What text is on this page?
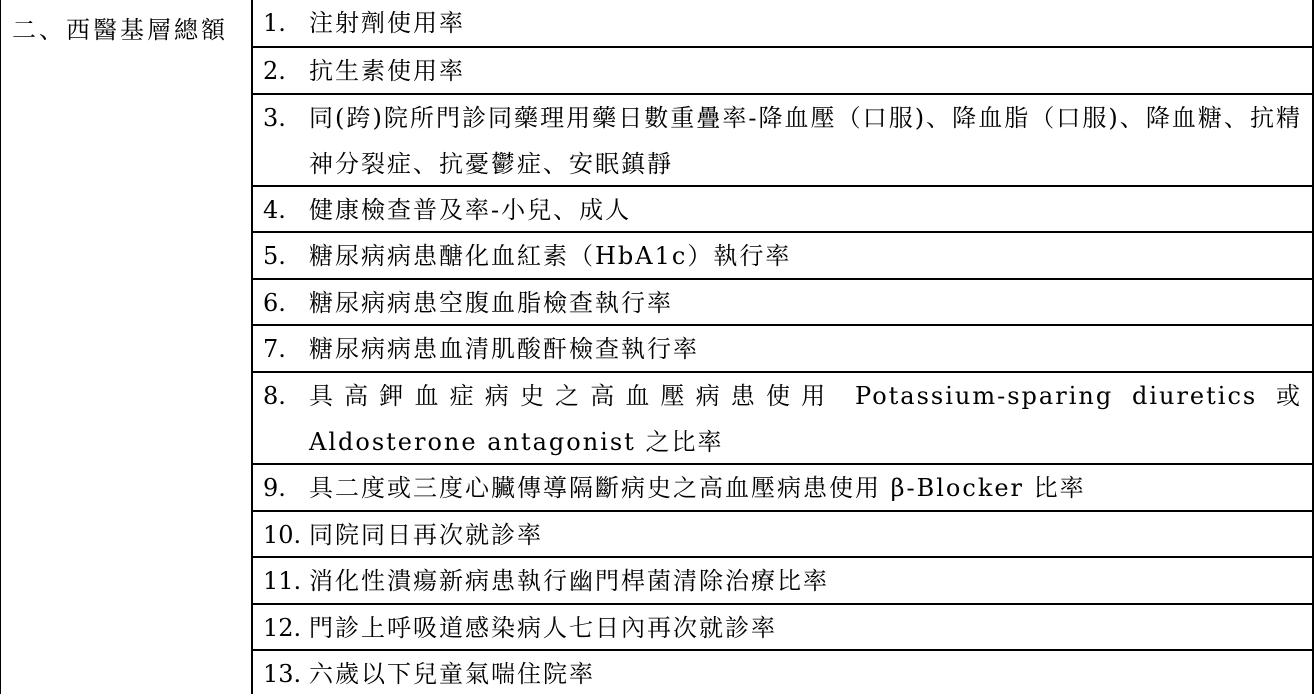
二、西醫基層總額	1. 注射劑使用率
2. 抗生素使用率
3. 同(跨)院所門診同藥理用藥日數重疊率-降血壓（口服)、降血脂（口服)、降血糖、抗精神分裂症、抗憂鬱症、安眠鎮靜
4. 健康檢查普及率-小兒、成人
5. 糖尿病病患醣化血紅素（HbA1c）執行率
6. 糖尿病病患空腹血脂檢查執行率
7. 糖尿病病患血清肌酸酐檢查執行率
8. 具高鉀血症病史之高血壓病患使用 Potassium-sparing diuretics 或 Aldosterone antagonist 之比率
9. 具二度或三度心臟傳導隔斷病史之高血壓病患使用 β-Blocker 比率
10. 同院同日再次就診率
11. 消化性潰瘍新病患執行幽門桿菌清除治療比率
12. 門診上呼吸道感染病人七日內再次就診率
13. 六歲以下兒童氣喘住院率
